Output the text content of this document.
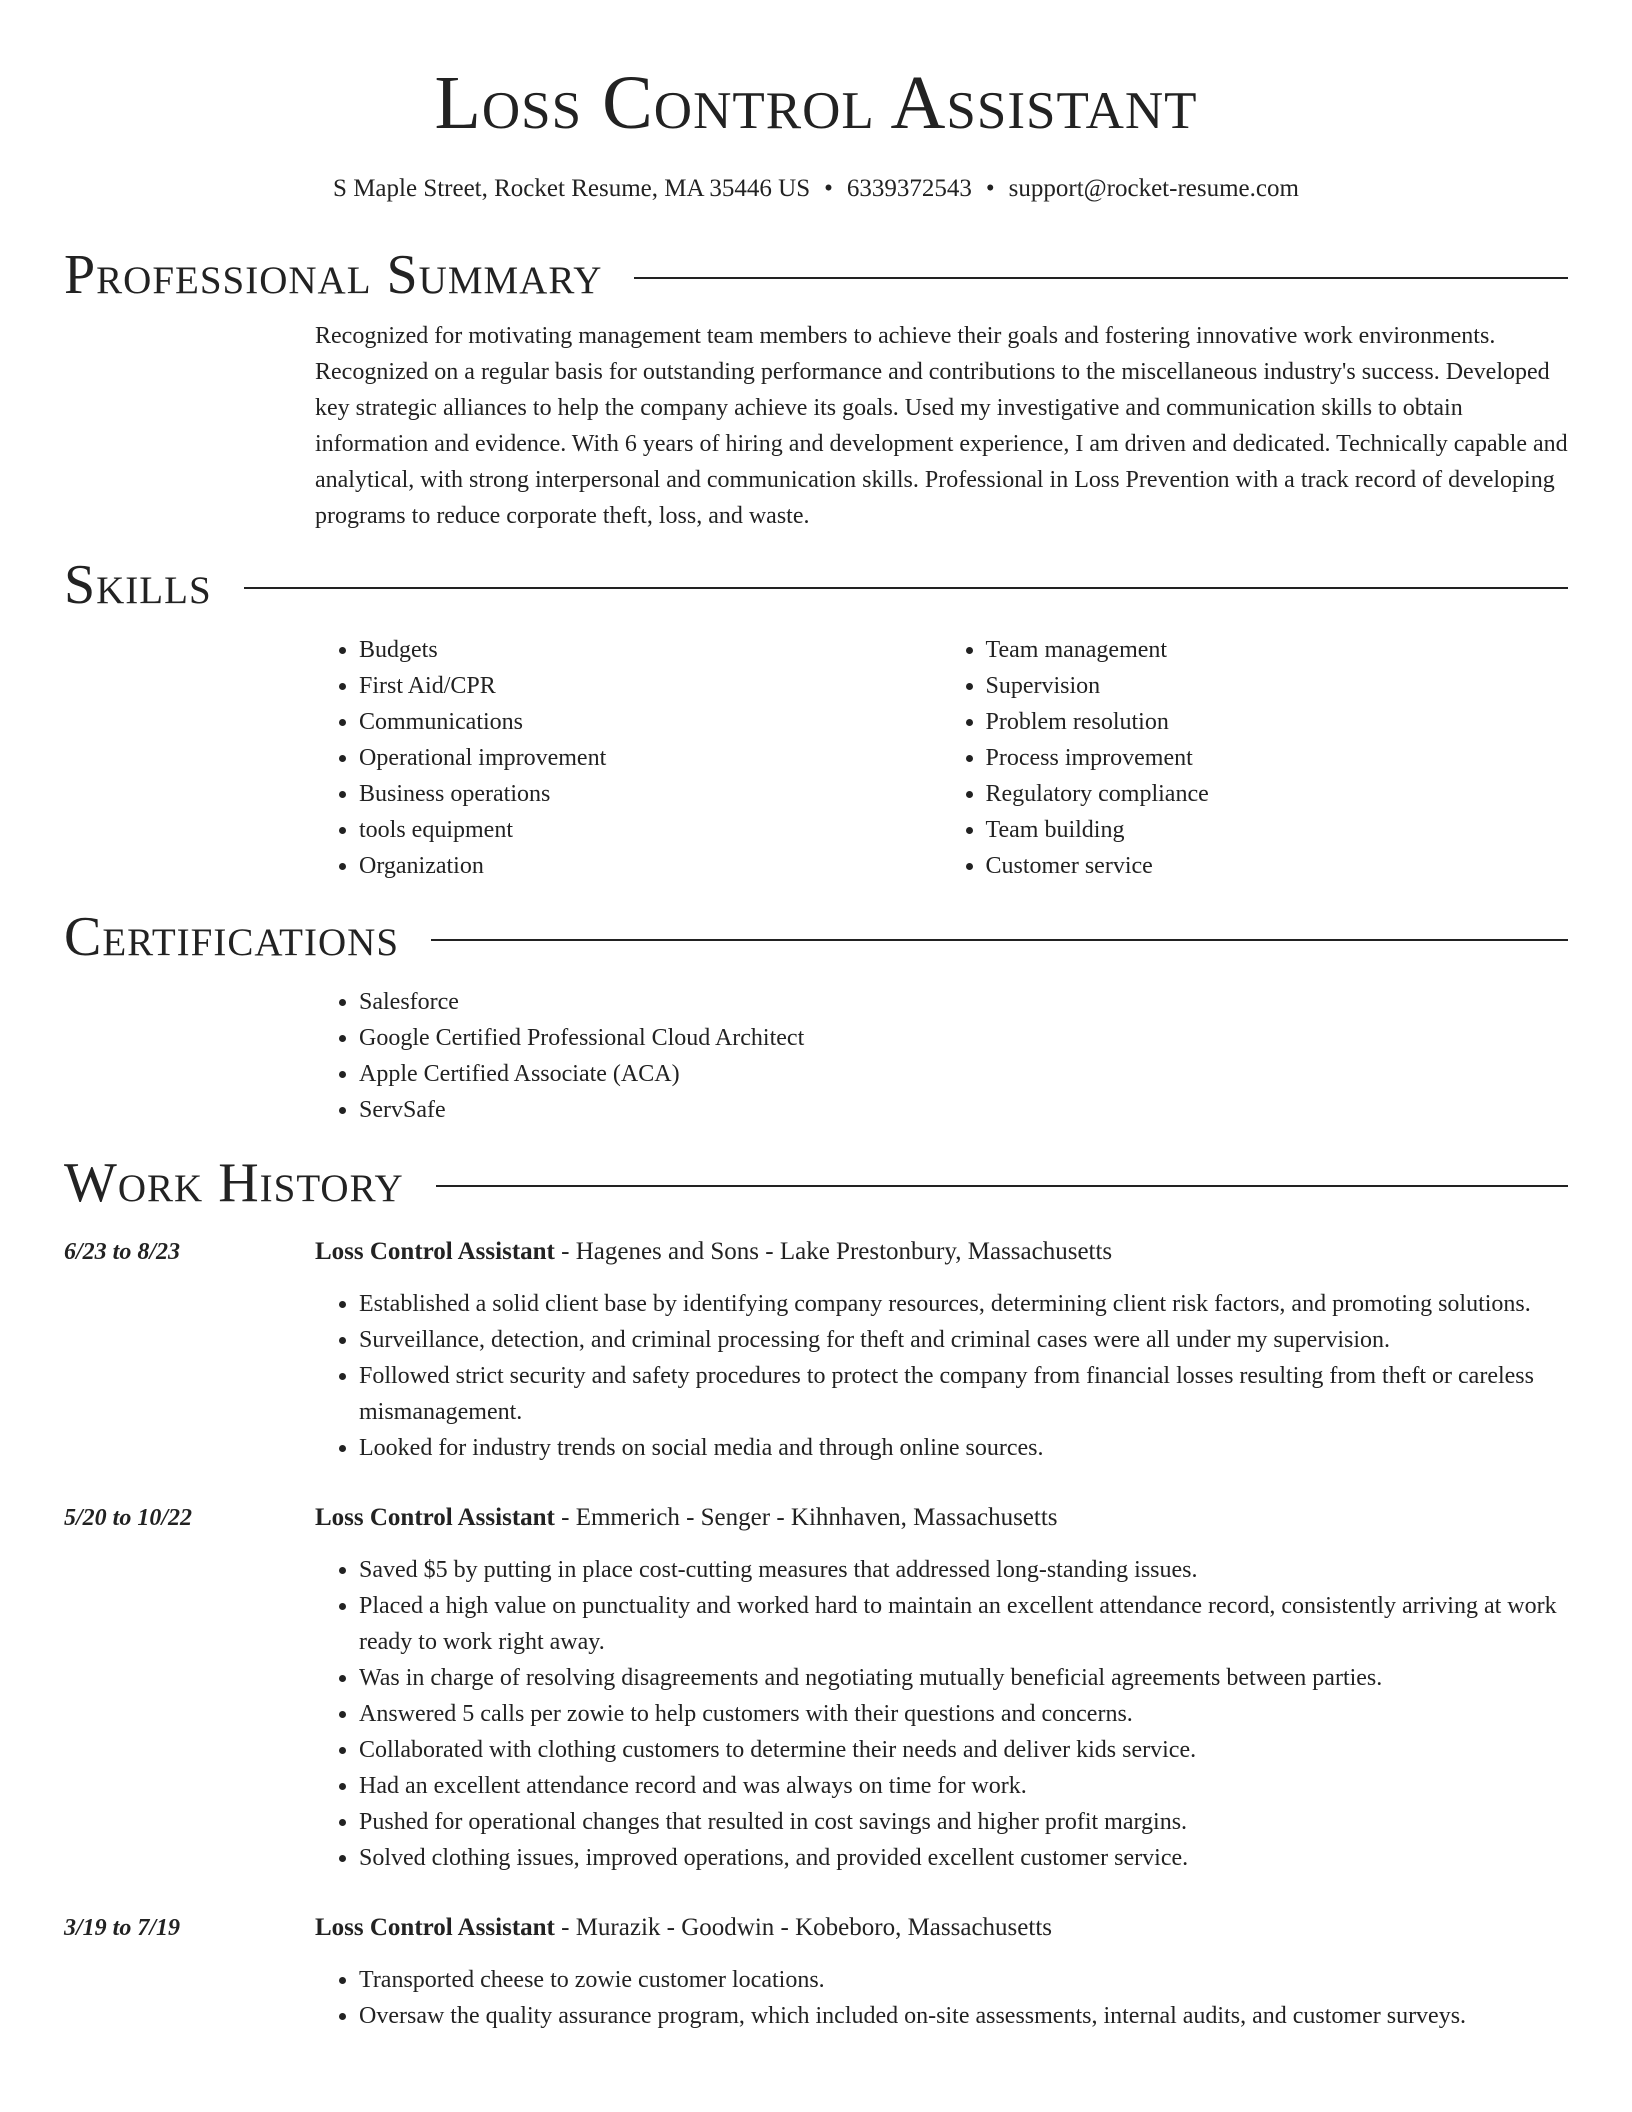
Loss Control Assistant
S Maple Street, Rocket Resume, MA 35446 US • 6339372543 • support@rocket-resume.com
Professional Summary

Recognized for motivating management team members to achieve their goals and fostering innovative work environments. Recognized on a regular basis for outstanding performance and contributions to the miscellaneous industry's success. Developed key strategic alliances to help the company achieve its goals. Used my investigative and communication skills to obtain information and evidence. With 6 years of hiring and development experience, I am driven and dedicated. Technically capable and analytical, with strong interpersonal and communication skills. Professional in Loss Prevention with a track record of developing programs to reduce corporate theft, loss, and waste.

Skills
• Budgets
• First Aid/CPR
• Communications
• Operational improvement
• Business operations
• tools equipment
• Organization
• Team management
• Supervision
• Problem resolution
• Process improvement
• Regulatory compliance
• Team building
• Customer service
Certifications
• Salesforce
• Google Certified Professional Cloud Architect
• Apple Certified Associate (ACA)
• ServSafe
Work History
6/23 to 8/23	Loss Control Assistant - Hagenes and Sons - Lake Prestonbury, Massachusetts
• Established a solid client base by identifying company resources, determining client risk factors, and promoting solutions.
• Surveillance, detection, and criminal processing for theft and criminal cases were all under my supervision.
• Followed strict security and safety procedures to protect the company from financial losses resulting from theft or careless mismanagement.
• Looked for industry trends on social media and through online sources.
5/20 to 10/22	Loss Control Assistant - Emmerich - Senger - Kihnhaven, Massachusetts
• Saved $5 by putting in place cost-cutting measures that addressed long-standing issues.
• Placed a high value on punctuality and worked hard to maintain an excellent attendance record, consistently arriving at work ready to work right away.
• Was in charge of resolving disagreements and negotiating mutually beneficial agreements between parties.
• Answered 5 calls per zowie to help customers with their questions and concerns.
• Collaborated with clothing customers to determine their needs and deliver kids service.
• Had an excellent attendance record and was always on time for work.
• Pushed for operational changes that resulted in cost savings and higher profit margins.
• Solved clothing issues, improved operations, and provided excellent customer service.
3/19 to 7/19	Loss Control Assistant - Murazik - Goodwin - Kobeboro, Massachusetts
• Transported cheese to zowie customer locations.
• Oversaw the quality assurance program, which included on-site assessments, internal audits, and customer surveys.
